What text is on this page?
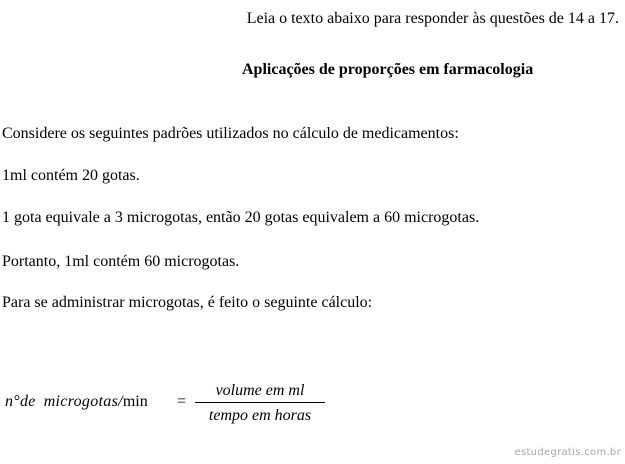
Leia o texto abaixo para responder às questões de 14 a 17.
Aplicações de proporções em farmacologia
Considere os seguintes padrões utilizados no cálculo de medicamentos:
1ml contém 20 gotas.
1 gota equivale a 3 microgotas, então 20 gotas equivalem a 60 microgotas.
Portanto, 1ml contém 60 microgotas.
Para se administrar microgotas, é feito o seguinte cálculo:
n°de microgotas/min =
volume em ml
tempo em horas
estudegratis.com.br
